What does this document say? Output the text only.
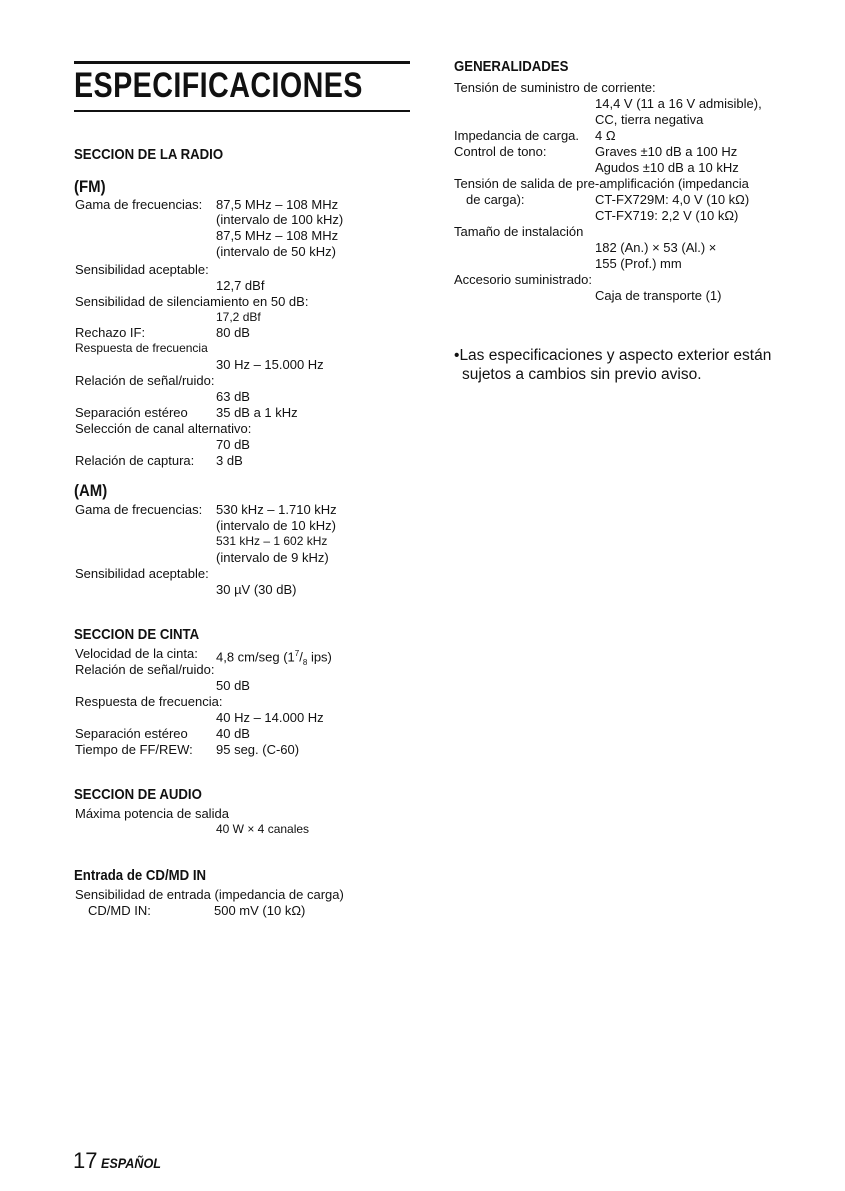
ESPECIFICACIONES
SECCION DE LA RADIO
(FM)
Gama de frecuencias: 87,5 MHz – 108 MHz
(intervalo de 100 kHz)
87,5 MHz – 108 MHz
(intervalo de 50 kHz)
Sensibilidad aceptable:
12,7 dBf
Sensibilidad de silenciamiento en 50 dB:
17,2 dBf
Rechazo IF:	80 dB
Respuesta de frecuencia
30 Hz – 15.000 Hz
Relación de señal/ruido:
63 dB
Separación estéreo 35 dB a 1 kHz
Selección de canal alternativo:
70 dB
Relación de captura: 3 dB
(AM)
Gama de frecuencias: 530 kHz – 1.710 kHz
(intervalo de 10 kHz)
531 kHz – 1 602 kHz
(intervalo de 9 kHz)
Sensibilidad aceptable:
30 µV (30 dB)
SECCION DE CINTA
Velocidad de la cinta: 4,8 cm/seg ($1^7/_8$ ips)
Relación de señal/ruido:
50 dB
Respuesta de frecuencia:
40 Hz – 14.000 Hz
Separación estéreo 40 dB
Tiempo de FF/REW: 95 seg. (C-60)
SECCION DE AUDIO
Máxima potencia de salida
40 W × 4 canales
Entrada de CD/MD IN
Sensibilidad de entrada (impedancia de carga)
CD/MD IN:	500 mV (10 kΩ)
GENERALIDADES
Tensión de suministro de corriente:
14,4 V (11 a 16 V admisible),
CC, tierra negativa
Impedancia de carga. 4 Ω
Control de tono:	Graves ±10 dB a 100 Hz
Agudos ±10 dB a 10 kHz
Tensión de salida de pre-amplificación (impedancia
de carga):	CT-FX729M: 4,0 V (10 kΩ)
CT-FX719: 2,2 V (10 kΩ)
Tamaño de instalación
182 (An.) × 53 (Al.) ×
155 (Prof.) mm
Accesorio suministrado:
Caja de transporte (1)
•Las especificaciones y aspecto exterior están
sujetos a cambios sin previo aviso.
17 ESPAÑOL
